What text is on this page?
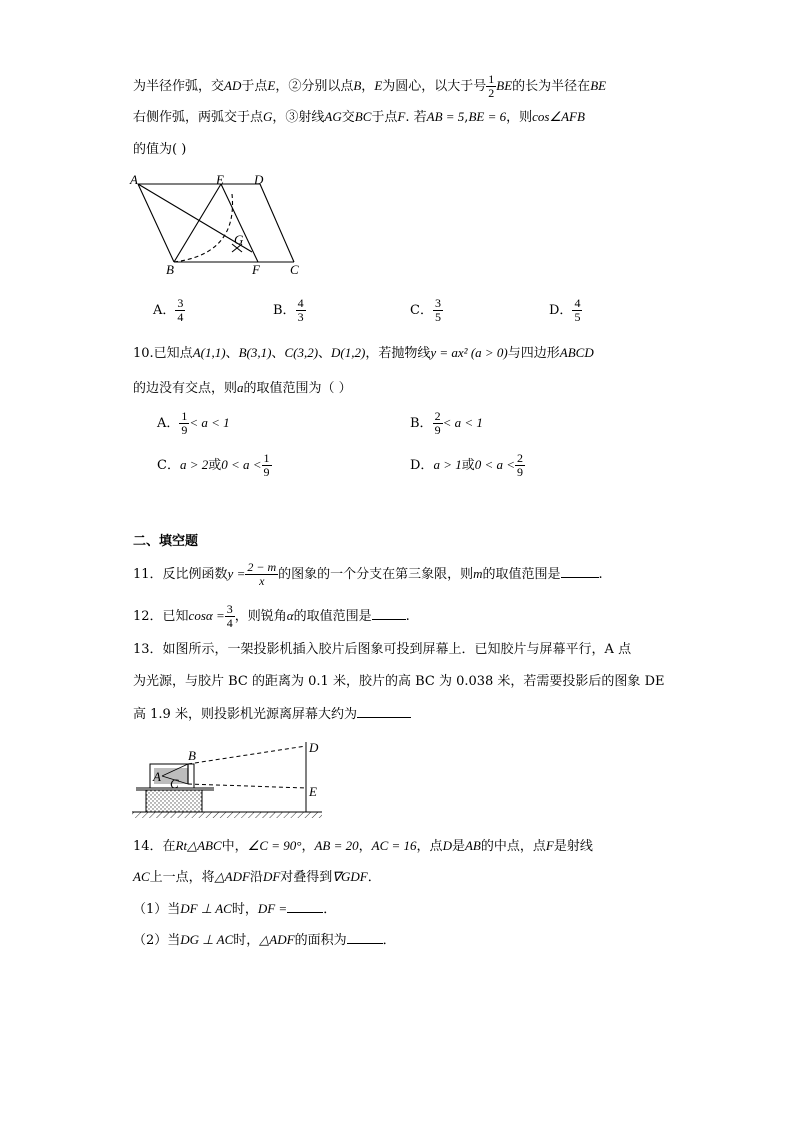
为半径作弧，交AD于点E，②分别以点B，E为圆心，以大于号 $\frac{1}{2}$ BE的长为半径在BE
右侧作弧，两弧交于点G，③射线AG交BC于点F. 若AB = 5,BE = 6，则cos∠AFB
的值为( )
A	E D
G
B	F C
A． $\frac{3}{4}$	B． $\frac{4}{3}$	C． $\frac{3}{5}$	D． $\frac{4}{5}$
10.已知点A(1,1)、B(3,1)、C(3,2)、D(1,2)，若抛物线y = ax² (a > 0)与四边形ABCD
的边没有交点，则a的取值范围为（ ）
A． $\frac{1}{9} < a < 1$	B． $\frac{2}{9} < a < 1$
C．a > 2或$0 < a < \frac{1}{9}$	D．a > 1或$0 < a < \frac{2}{9}$
二、填空题
11．反比例函数$y = \frac{2 - m}{x}$ 的图象的一个分支在第三象限，则m的取值范围是	.
12．已知$\cos\alpha = \frac{3}{4}$ ，则锐角α的取值范围是	.
13．如图所示，一架投影机插入胶片后图象可投到屏幕上．已知胶片与屏幕平行，A 点
为光源，与胶片 BC 的距离为 0.1 米，胶片的高 BC 为 0.038 米，若需要投影后的图象 DE
高 1.9 米，则投影机光源离屏幕大约为
B
A C
D
E
14．在Rt△ABC中，∠C = 90°，AB = 20，AC = 16，点D是AB的中点，点F是射线
AC上一点，将△ADF沿DF对叠得到∇GDF．
（1）当DF ⊥ AC时，DF =	．
（2）当DG ⊥ AC时，△ADF的面积为	．
